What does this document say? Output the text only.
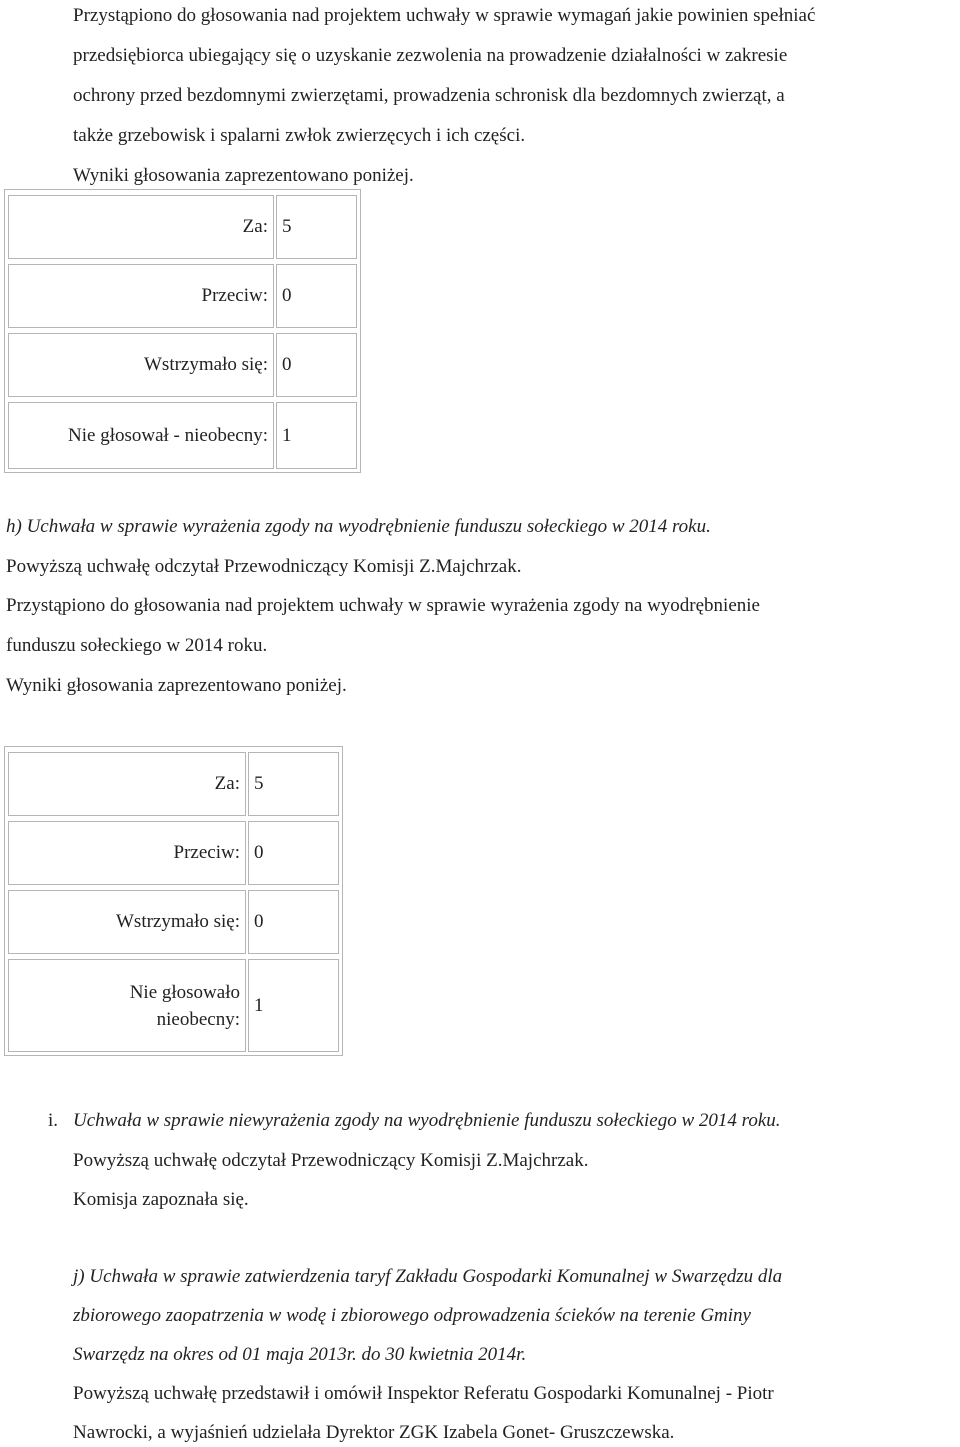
Przystąpiono do głosowania nad projektem uchwały w sprawie wymagań jakie powinien spełniać
przedsiębiorca ubiegający się o uzyskanie zezwolenia na prowadzenie działalności w zakresie
ochrony przed bezdomnymi zwierzętami, prowadzenia schronisk dla bezdomnych zwierząt, a
także grzebowisk i spalarni zwłok zwierzęcych i ich części.
Wyniki głosowania zaprezentowano poniżej.
Za: 5
Przeciw: 0
Wstrzymało się: 0
Nie głosował - nieobecny: 1
h) Uchwała w sprawie wyrażenia zgody na wyodrębnienie funduszu sołeckiego w 2014 roku.
Powyższą uchwałę odczytał Przewodniczący Komisji Z.Majchrzak.
Przystąpiono do głosowania nad projektem uchwały w sprawie wyrażenia zgody na wyodrębnienie
funduszu sołeckiego w 2014 roku.
Wyniki głosowania zaprezentowano poniżej.
Za: 5
Przeciw: 0
Wstrzymało się: 0
Nie głosowało nieobecny:
1
i. Uchwała w sprawie niewyrażenia zgody na wyodrębnienie funduszu sołeckiego w 2014 roku.
Powyższą uchwałę odczytał Przewodniczący Komisji Z.Majchrzak.
Komisja zapoznała się.
j) Uchwała w sprawie zatwierdzenia taryf Zakładu Gospodarki Komunalnej w Swarzędzu dla
zbiorowego zaopatrzenia w wodę i zbiorowego odprowadzenia ścieków na terenie Gminy
Swarzędz na okres od 01 maja 2013r. do 30 kwietnia 2014r.
Powyższą uchwałę przedstawił i omówił Inspektor Referatu Gospodarki Komunalnej - Piotr
Nawrocki, a wyjaśnień udzielała Dyrektor ZGK Izabela Gonet- Gruszczewska.
